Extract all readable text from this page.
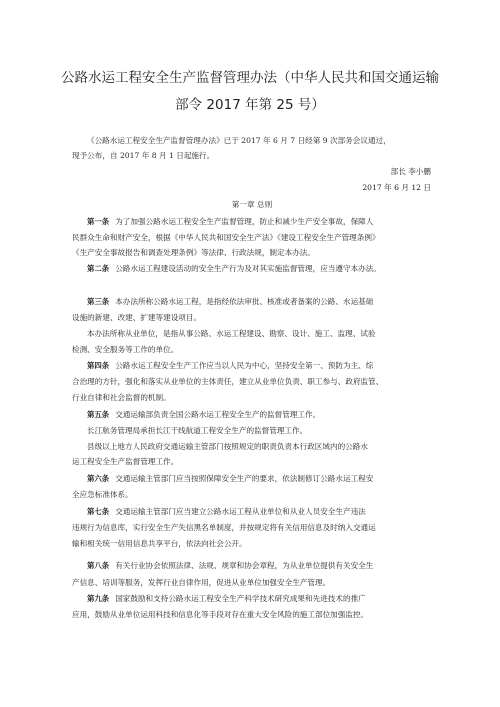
公路水运工程安全生产监督管理办法（中华人民共和国交通运输
部令 2017 年第 25 号）
《公路水运工程安全生产监督管理办法》已于 2017 年 6 月 7 日经第 9 次部务会议通过，
现予公布，自 2017 年 8 月 1 日起施行。
部长 李小鹏
2017 年 6 月 12 日
第一章 总则
第一条 为了加强公路水运工程安全生产监督管理，防止和减少生产安全事故，保障人
民群众生命和财产安全，根据《中华人民共和国安全生产法》《建设工程安全生产管理条例》
《生产安全事故报告和调查处理条例》等法律、行政法规，制定本办法。
第二条 公路水运工程建设活动的安全生产行为及对其实施监督管理，应当遵守本办法。
第三条 本办法所称公路水运工程，是指经依法审批、核准或者备案的公路、水运基础
设施的新建、改建、扩建等建设项目。
本办法所称从业单位，是指从事公路、水运工程建设、勘察、设计、施工、监理、试验
检测、安全服务等工作的单位。
第四条 公路水运工程安全生产工作应当以人民为中心，坚持安全第一、预防为主、综
合治理的方针，强化和落实从业单位的主体责任，建立从业单位负责、职工参与、政府监管、
行业自律和社会监督的机制。
第五条 交通运输部负责全国公路水运工程安全生产的监督管理工作。
长江航务管理局承担长江干线航道工程安全生产的监督管理工作。
县级以上地方人民政府交通运输主管部门按照规定的职责负责本行政区域内的公路水
运工程安全生产监督管理工作。
第六条 交通运输主管部门应当按照保障安全生产的要求，依法制修订公路水运工程安
全应急标准体系。
第七条 交通运输主管部门应当建立公路水运工程从业单位和从业人员安全生产违法
违规行为信息库，实行安全生产失信黑名单制度，并按规定将有关信用信息及时纳入交通运
输和相关统一信用信息共享平台，依法向社会公开。
第八条 有关行业协会依照法律、法规、规章和协会章程，为从业单位提供有关安全生
产信息、培训等服务，发挥行业自律作用，促进从业单位加强安全生产管理。
第九条 国家鼓励和支持公路水运工程安全生产科学技术研究成果和先进技术的推广
应用，鼓励从业单位运用科技和信息化等手段对存在重大安全风险的施工部位加强监控。
